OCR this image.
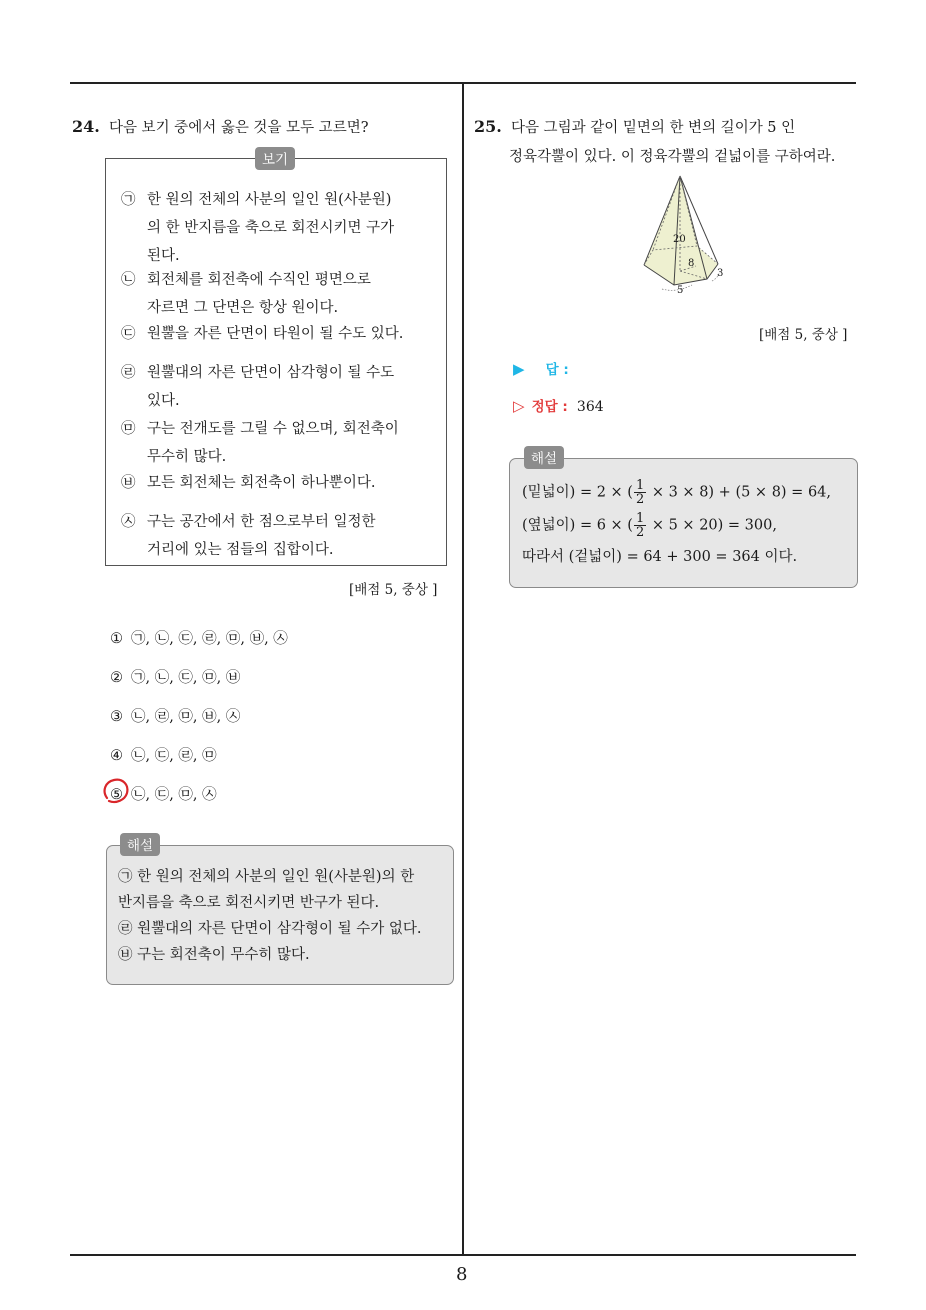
24. 다음 보기 중에서 옳은 것을 모두 고르면?
보기
㉠ 한 원의 전체의 사분의 일인 원(사분원)
의 한 반지름을 축으로 회전시키면 구가
된다.
㉡ 회전체를 회전축에 수직인 평면으로
자르면 그 단면은 항상 원이다.
㉢ 원뿔을 자른 단면이 타원이 될 수도 있다.
㉣ 원뿔대의 자른 단면이 삼각형이 될 수도
있다.
㉤ 구는 전개도를 그릴 수 없으며, 회전축이
무수히 많다.
㉥ 모든 회전체는 회전축이 하나뿐이다.
㉦ 구는 공간에서 한 점으로부터 일정한
거리에 있는 점들의 집합이다.
[배점 5, 중상 ]
① ㉠, ㉡, ㉢, ㉣, ㉤, ㉥, ㉦
② ㉠, ㉡, ㉢, ㉤, ㉥
③ ㉡, ㉣, ㉤, ㉥, ㉦
④ ㉡, ㉢, ㉣, ㉤
⑤ ㉡, ㉢, ㉤, ㉦
해설
㉠ 한 원의 전체의 사분의 일인 원(사분원)의 한
반지름을 축으로 회전시키면 반구가 된다.
㉣ 원뿔대의 자른 단면이 삼각형이 될 수가 없다.
㉥ 구는 회전축이 무수히 많다.
25. 다음 그림과 같이 밑면의 한 변의 길이가 5 인
정육각뿔이 있다. 이 정육각뿔의 겉넓이를 구하여라.
20
8
3
5
[배점 5, 중상 ]
▶ 답 :
▷ 정답 : 364
해설
(밑넓이) = 2 × ( $\frac{1}{2} \times 3 \times 8) + (5 \times 8) = 64$,
(옆넓이) = 6 × ( $\frac{1}{2} \times 5 \times 20) = 300$,
따라서 (겉넓이) = 64 + 300 = 364 이다.
8
